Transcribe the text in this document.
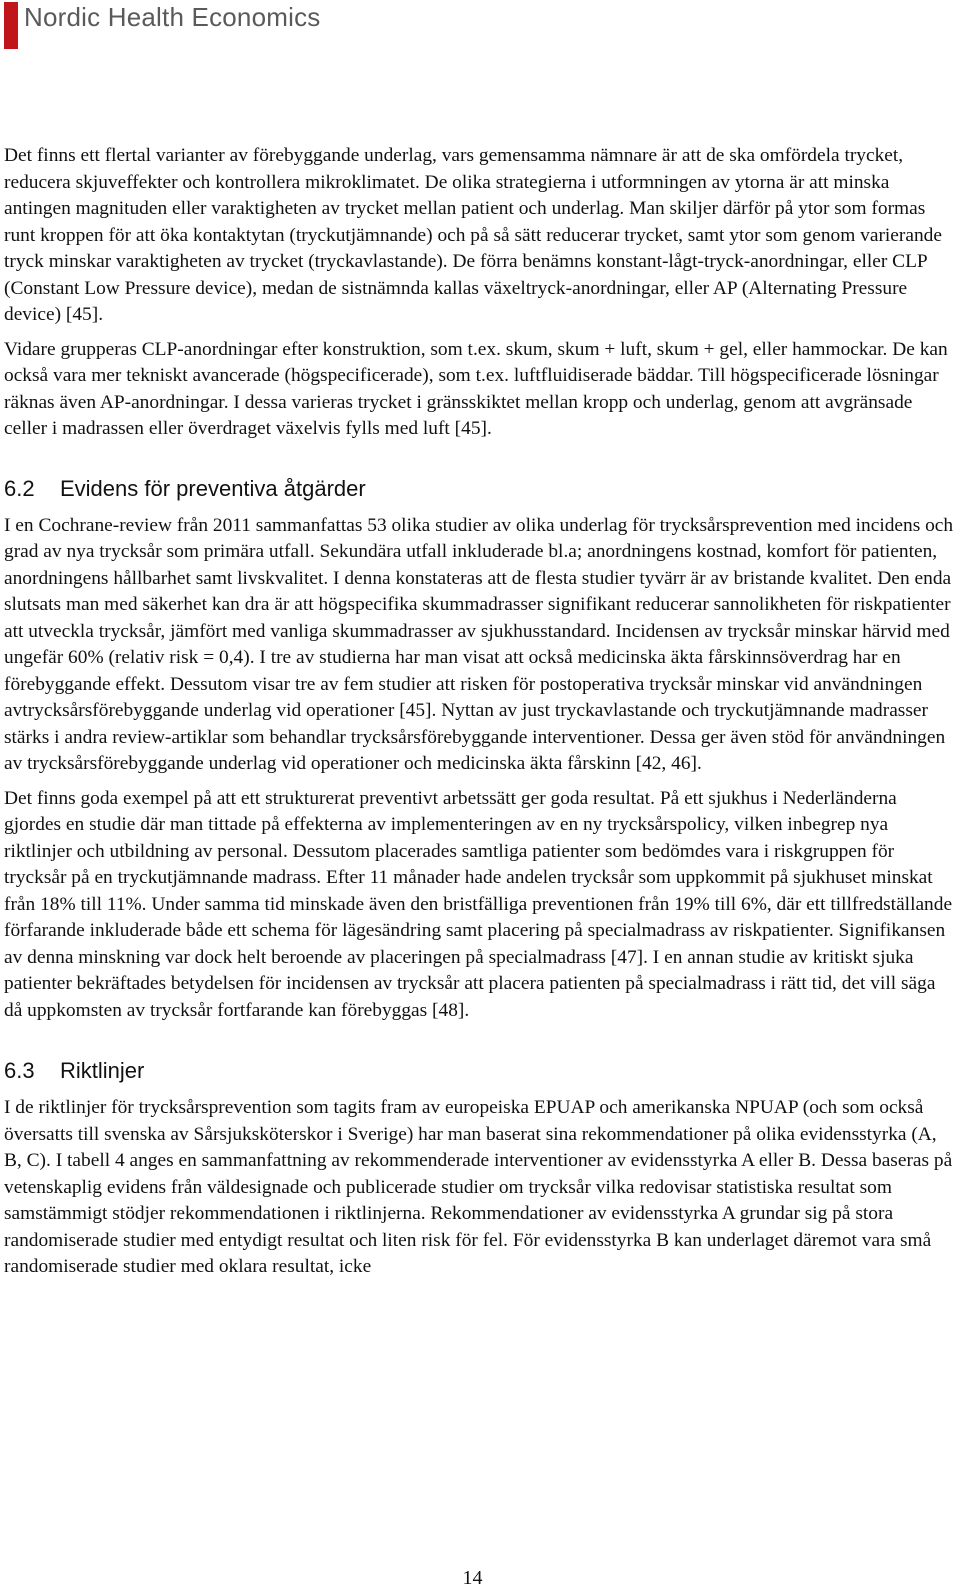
Nordic Health Economics

Det finns ett flertal varianter av förebyggande underlag, vars gemensamma nämnare är att de ska omfördela trycket, reducera skjuveffekter och kontrollera mikroklimatet. De olika strategierna i utformningen av ytorna är att minska antingen magnituden eller varaktigheten av trycket mellan patient och underlag. Man skiljer därför på ytor som formas runt kroppen för att öka kontaktytan (tryckutjämnande) och på så sätt reducerar trycket, samt ytor som genom varierande tryck minskar varaktigheten av trycket (tryckavlastande). De förra benämns konstant-lågt-tryck-anordningar, eller CLP (Constant Low Pressure device), medan de sistnämnda kallas växeltryck-anordningar, eller AP (Alternating Pressure device) [45].

Vidare grupperas CLP-anordningar efter konstruktion, som t.ex. skum, skum + luft, skum + gel, eller hammockar. De kan också vara mer tekniskt avancerade (högspecificerade), som t.ex. luftfluidiserade bäddar. Till högspecificerade lösningar räknas även AP-anordningar. I dessa varieras trycket i gränsskiktet mellan kropp och underlag, genom att avgränsade celler i madrassen eller överdraget växelvis fylls med luft [45].

6.2 Evidens för preventiva åtgärder

I en Cochrane-review från 2011 sammanfattas 53 olika studier av olika underlag för trycksårsprevention med incidens och grad av nya trycksår som primära utfall. Sekundära utfall inkluderade bl.a; anordningens kostnad, komfort för patienten, anordningens hållbarhet samt livskvalitet. I denna konstateras att de flesta studier tyvärr är av bristande kvalitet. Den enda slutsats man med säkerhet kan dra är att högspecifika skummadrasser signifikant reducerar sannolikheten för riskpatienter att utveckla trycksår, jämfört med vanliga skummadrasser av sjukhusstandard. Incidensen av trycksår minskar härvid med ungefär 60% (relativ risk = 0,4). I tre av studierna har man visat att också medicinska äkta fårskinnsöverdrag har en förebyggande effekt. Dessutom visar tre av fem studier att risken för postoperativa trycksår minskar vid användningen avtrycksårsförebyggande underlag vid operationer [45]. Nyttan av just tryckavlastande och tryckutjämnande madrasser stärks i andra review-artiklar som behandlar trycksårsförebyggande interventioner. Dessa ger även stöd för användningen av trycksårsförebyggande underlag vid operationer och medicinska äkta fårskinn [42, 46].

Det finns goda exempel på att ett strukturerat preventivt arbetssätt ger goda resultat. På ett sjukhus i Nederländerna gjordes en studie där man tittade på effekterna av implementeringen av en ny trycksårspolicy, vilken inbegrep nya riktlinjer och utbildning av personal. Dessutom placerades samtliga patienter som bedömdes vara i riskgruppen för trycksår på en tryckutjämnande madrass. Efter 11 månader hade andelen trycksår som uppkommit på sjukhuset minskat från 18% till 11%. Under samma tid minskade även den bristfälliga preventionen från 19% till 6%, där ett tillfredställande förfarande inkluderade både ett schema för lägesändring samt placering på specialmadrass av riskpatienter. Signifikansen av denna minskning var dock helt beroende av placeringen på specialmadrass [47]. I en annan studie av kritiskt sjuka patienter bekräftades betydelsen för incidensen av trycksår att placera patienten på specialmadrass i rätt tid, det vill säga då uppkomsten av trycksår fortfarande kan förebyggas [48].

6.3 Riktlinjer

I de riktlinjer för trycksårsprevention som tagits fram av europeiska EPUAP och amerikanska NPUAP (och som också översatts till svenska av Sårsjuksköterskor i Sverige) har man baserat sina rekommendationer på olika evidensstyrka (A, B, C). I tabell 4 anges en sammanfattning av rekommenderade interventioner av evidensstyrka A eller B. Dessa baseras på vetenskaplig evidens från väldesignade och publicerade studier om trycksår vilka redovisar statistiska resultat som samstämmigt stödjer rekommendationen i riktlinjerna. Rekommendationer av evidensstyrka A grundar sig på stora randomiserade studier med entydigt resultat och liten risk för fel. För evidensstyrka B kan underlaget däremot vara små randomiserade studier med oklara resultat, icke

14
